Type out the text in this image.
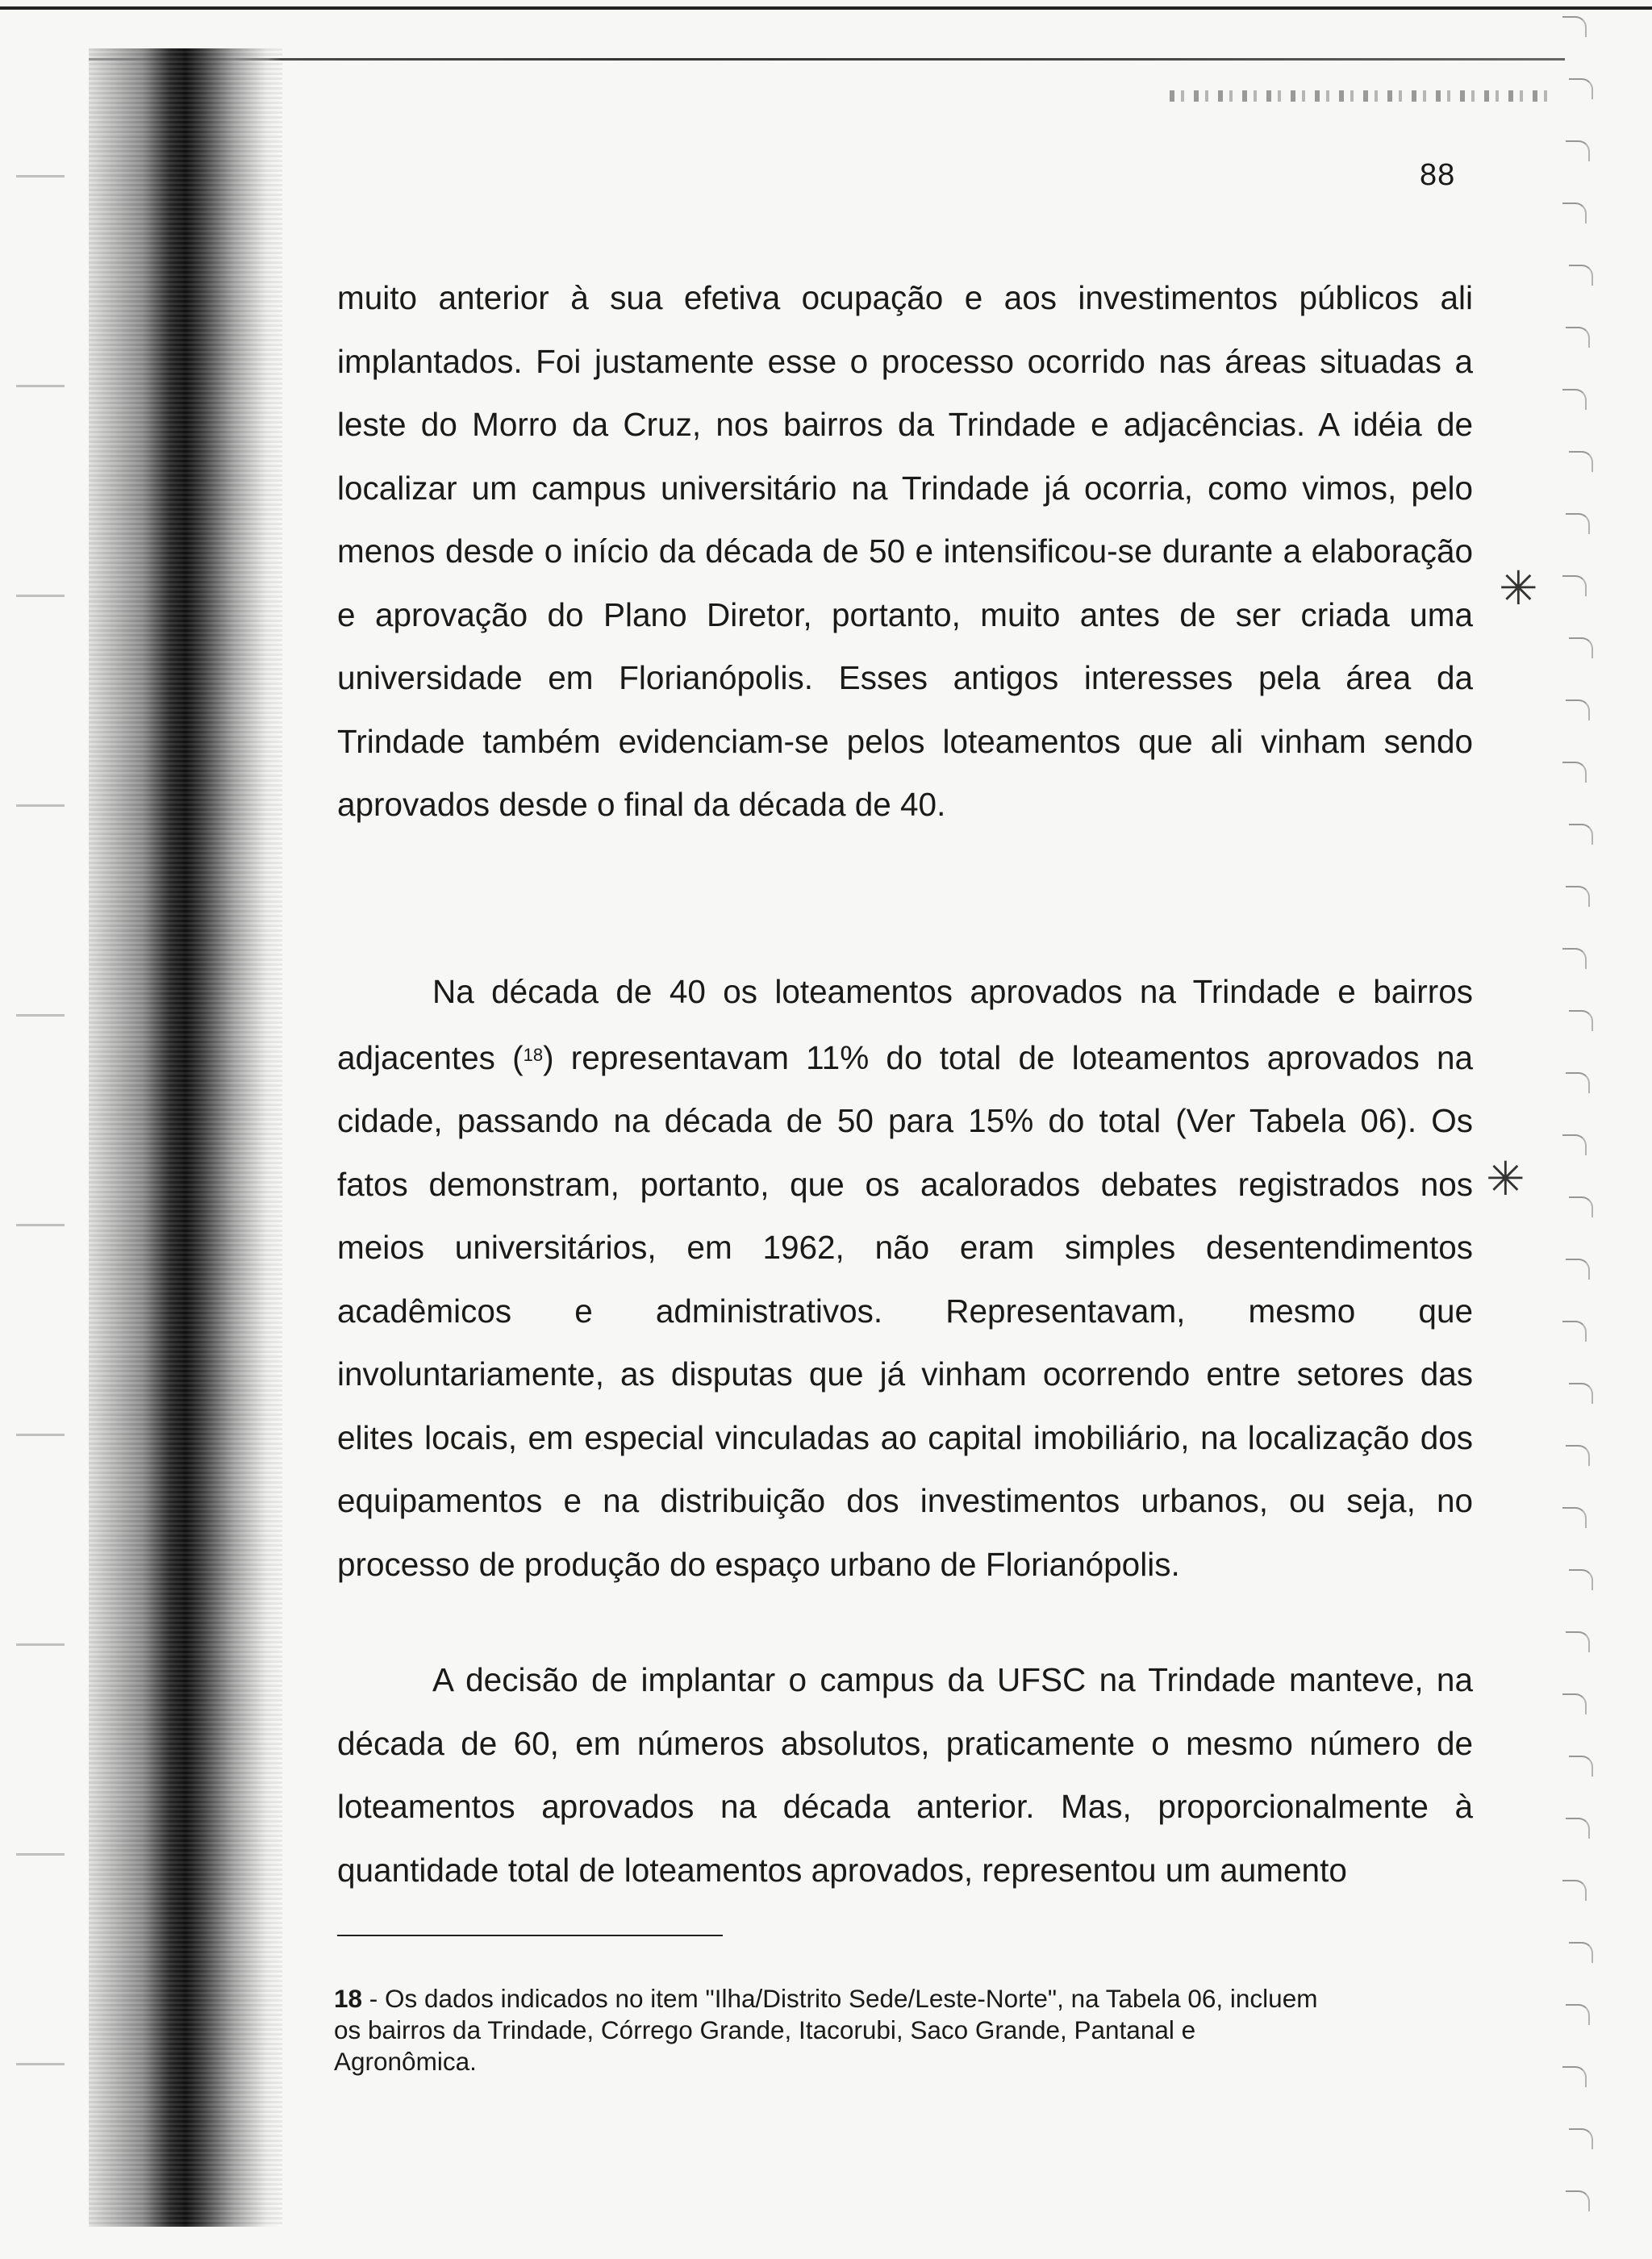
88

muito anterior à sua efetiva ocupação e aos investimentos públicos ali implantados. Foi justamente esse o processo ocorrido nas áreas situadas a leste do Morro da Cruz, nos bairros da Trindade e adjacências. A idéia de localizar um campus universitário na Trindade já ocorria, como vimos, pelo menos desde o início da década de 50 e intensificou-se durante a elaboração e aprovação do Plano Diretor, portanto, muito antes de ser criada uma universidade em Florianópolis. Esses antigos interesses pela área da Trindade também evidenciam-se pelos loteamentos que ali vinham sendo aprovados desde o final da década de 40.

Na década de 40 os loteamentos aprovados na Trindade e bairros adjacentes ($^{18}$) representavam 11% do total de loteamentos aprovados na cidade, passando na década de 50 para 15% do total (Ver Tabela 06). Os fatos demonstram, portanto, que os acalorados debates registrados nos meios universitários, em 1962, não eram simples desentendimentos acadêmicos e administrativos. Representavam, mesmo que involuntariamente, as disputas que já vinham ocorrendo entre setores das elites locais, em especial vinculadas ao capital imobiliário, na localização dos equipamentos e na distribuição dos investimentos urbanos, ou seja, no processo de produção do espaço urbano de Florianópolis.

A decisão de implantar o campus da UFSC na Trindade manteve, na década de 60, em números absolutos, praticamente o mesmo número de loteamentos aprovados na década anterior. Mas, proporcionalmente à quantidade total de loteamentos aprovados, representou um aumento

18 - Os dados indicados no item "Ilha/Distrito Sede/Leste-Norte", na Tabela 06, incluem os bairros da Trindade, Córrego Grande, Itacorubi, Saco Grande, Pantanal e Agronômica.

✳
✳
